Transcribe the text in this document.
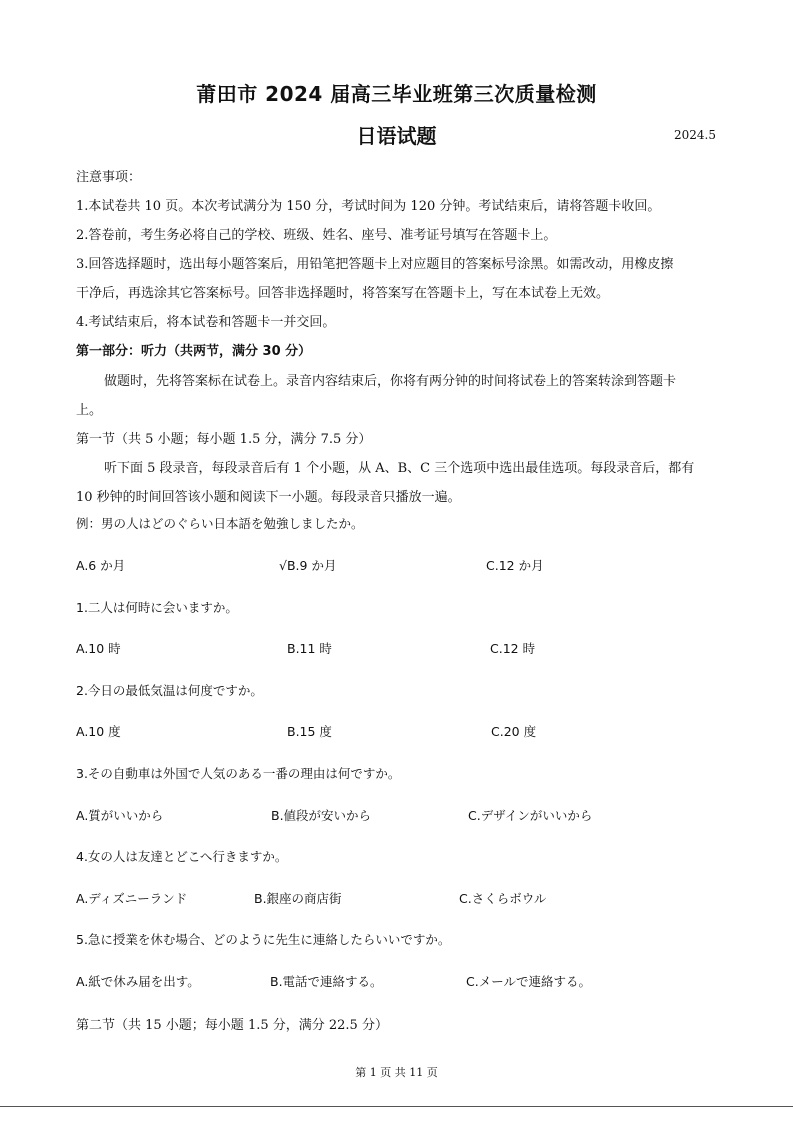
莆田市 2024 届高三毕业班第三次质量检测
日语试题	2024.5
注意事项：
1.本试卷共 10 页。本次考试满分为 150 分，考试时间为 120 分钟。考试结束后，请将答题卡收回。
2.答卷前，考生务必将自己的学校、班级、姓名、座号、准考证号填写在答题卡上。
3.回答选择题时，选出每小题答案后，用铅笔把答题卡上对应题目的答案标号涂黑。如需改动，用橡皮擦
干净后，再选涂其它答案标号。回答非选择题时，将答案写在答题卡上，写在本试卷上无效。
4.考试结束后，将本试卷和答题卡一并交回。
第一部分：听力（共两节，满分 30 分）
做题时，先将答案标在试卷上。录音内容结束后，你将有两分钟的时间将试卷上的答案转涂到答题卡
上。
第一节（共 5 小题；每小题 1.5 分，满分 7.5 分）
听下面 5 段录音，每段录音后有 1 个小题，从 A、B、C 三个选项中选出最佳选项。每段录音后，都有
10 秒钟的时间回答该小题和阅读下一小题。每段录音只播放一遍。
例：男の人はどのぐらい日本語を勉強しましたか。
A.6 か月	√B.9 か月	C.12 か月
1.二人は何時に会いますか。
A.10 時	B.11 時	C.12 時
2.今日の最低気温は何度ですか。
A.10 度	B.15 度	C.20 度
3.その自動車は外国で人気のある一番の理由は何ですか。
A.質がいいから	B.値段が安いから	C.デザインがいいから
4.女の人は友達とどこへ行きますか。
A.ディズニーランド	B.銀座の商店街	C.さくらボウル
5.急に授業を休む場合、どのように先生に連絡したらいいですか。
A.紙で休み届を出す。	B.電話で連絡する。	C.メールで連絡する。
第二节（共 15 小题；每小题 1.5 分，满分 22.5 分）
第 1 页 共 11 页
